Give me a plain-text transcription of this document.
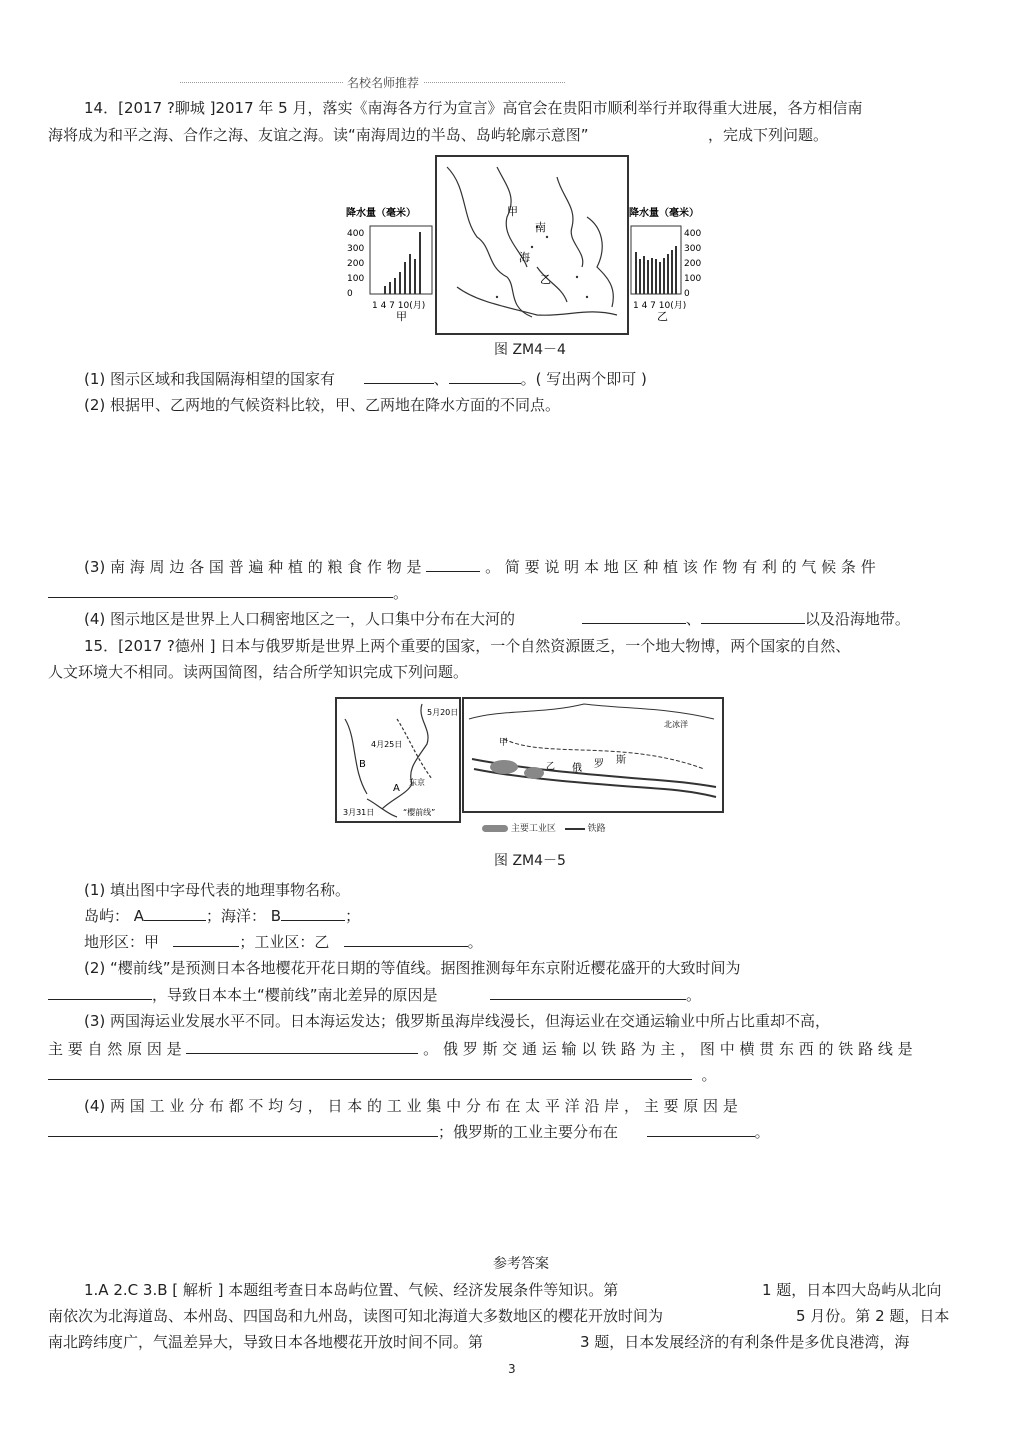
名校名师推荐
14．[2017 ?聊城 ]2017 年 5 月，落实《南海各方行为宣言》高官会在贵阳市顺利举行并取得重大进展，各方相信南
海将成为和平之海、合作之海、友谊之海。读“南海周边的半岛、岛屿轮廓示意图”	，完成下列问题。
降水量（毫米）
400
300
200
100
0
1 4 7 10(月)
甲
甲
南
海
乙
降水量（毫米）
400
300
200
100
0
1 4 7 10(月)
乙
图 ZM4－4
(1) 图示区域和我国隔海相望的国家有	、	。( 写出两个即可 )
(2) 根据甲、乙两地的气候资料比较，甲、乙两地在降水方面的不同点。
(3) 南 海 周 边 各 国 普 遍 种 植 的 粮 食 作 物 是	。 简 要 说 明 本 地 区 种 植 该 作 物 有 利 的 气 候 条 件
。
(4) 图示地区是世界上人口稠密地区之一，人口集中分布在大河的	、	以及沿海地带。
15．[2017 ?德州 ] 日本与俄罗斯是世界上两个重要的国家，一个自然资源匮乏，一个地大物博，两个国家的自然、
人文环境大不相同。读两国简图，结合所学知识完成下列问题。
5月20日
4月25日
B
A
东京
3月31日	“樱前线”
甲
乙 俄 罗 斯
北冰洋
主要工业区	铁路
图 ZM4－5
(1) 填出图中字母代表的地理事物名称。
岛屿： A	；海洋： B	；
地形区：甲	；工业区：乙	。
(2) “樱前线”是预测日本各地樱花开花日期的等值线。据图推测每年东京附近樱花盛开的大致时间为
，导致日本本土“樱前线”南北差异的原因是	。
(3) 两国海运业发展水平不同。日本海运发达；俄罗斯虽海岸线漫长，但海运业在交通运输业中所占比重却不高，
主 要 自 然 原 因 是	。 俄 罗 斯 交 通 运 输 以 铁 路 为 主 ， 图 中 横 贯 东 西 的 铁 路 线 是
。
(4) 两 国 工 业 分 布 都 不 均 匀 ， 日 本 的 工 业 集 中 分 布 在 太 平 洋 沿 岸 ， 主 要 原 因 是
；俄罗斯的工业主要分布在	。
参考答案
1.A 2.C 3.B [ 解析 ] 本题组考查日本岛屿位置、气候、经济发展条件等知识。第	1 题，日本四大岛屿从北向
南依次为北海道岛、本州岛、四国岛和九州岛，读图可知北海道大多数地区的樱花开放时间为	5 月份。第 2 题，日本
南北跨纬度广，气温差异大，导致日本各地樱花开放时间不同。第	3 题，日本发展经济的有利条件是多优良港湾，海
3
